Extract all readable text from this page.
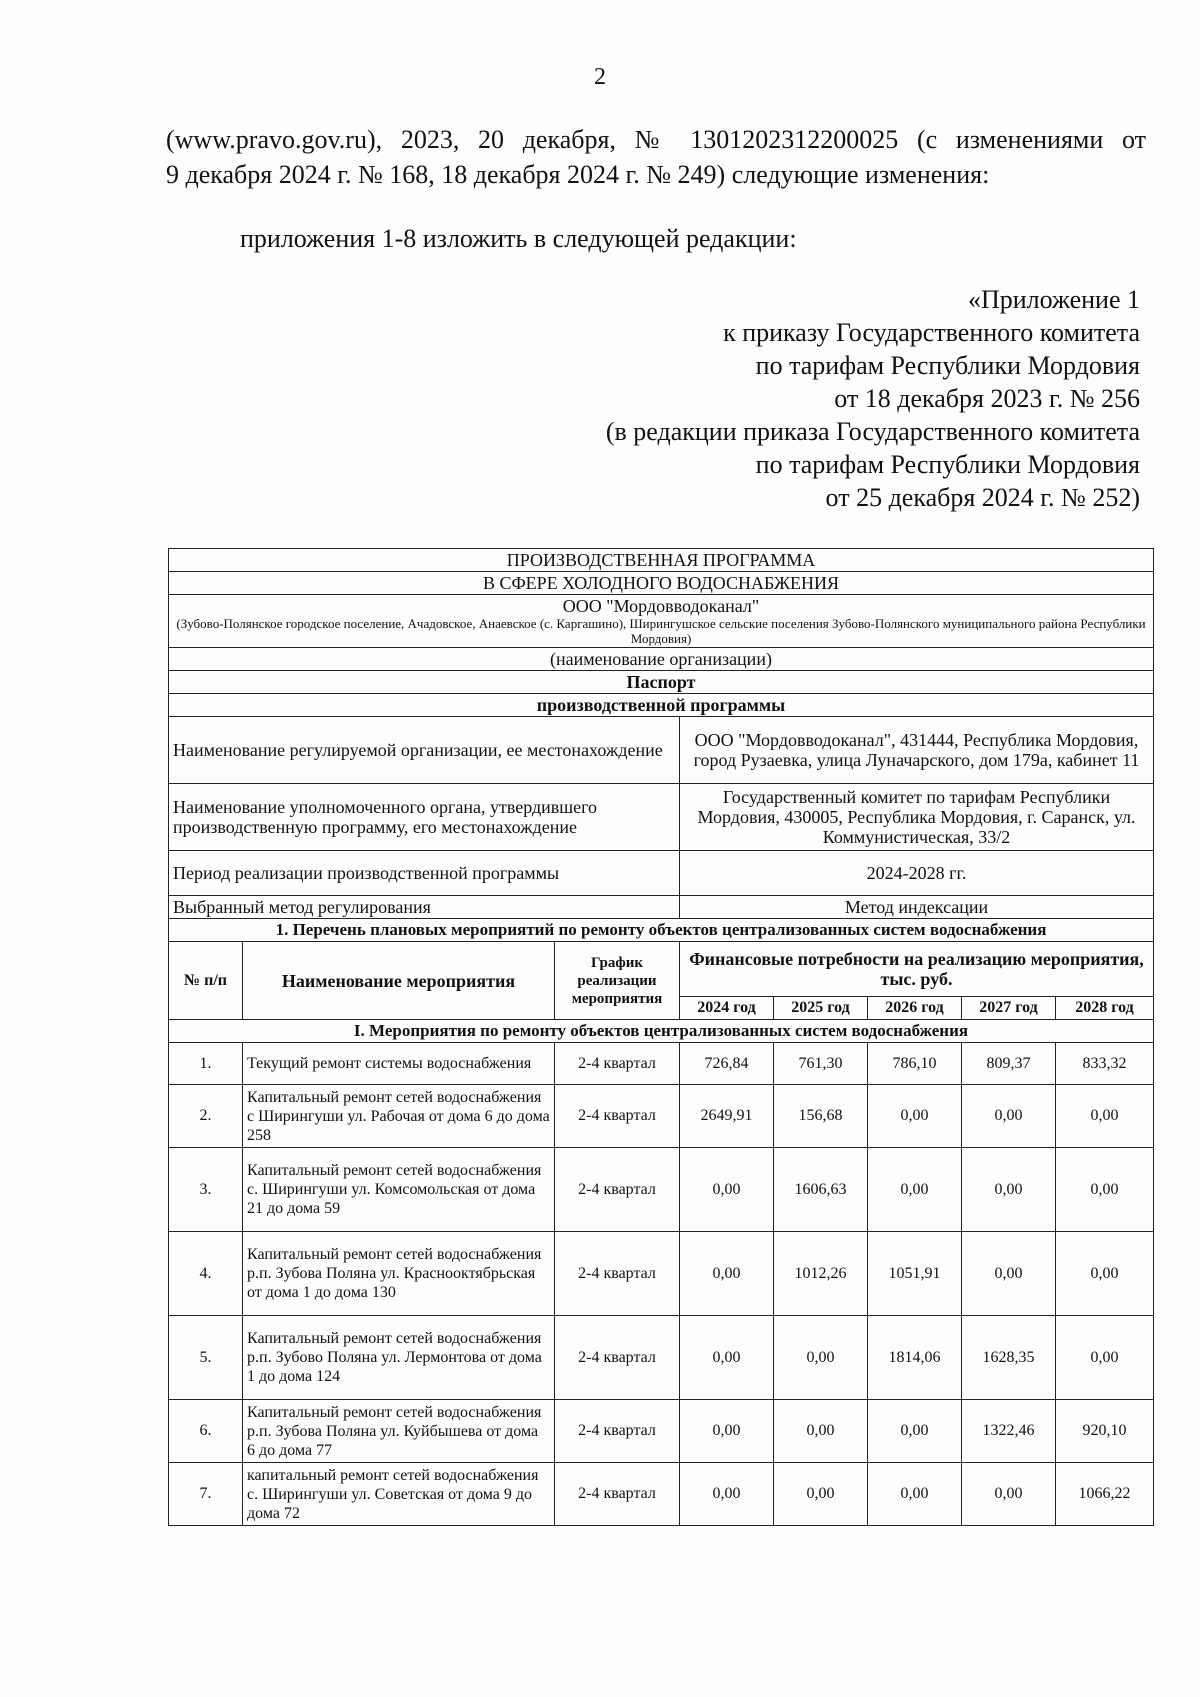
2
(www.pravo.gov.ru), 2023, 20 декабря, № 1301202312200025 (с изменениями от
9 декабря 2024 г. № 168, 18 декабря 2024 г. № 249) следующие изменения:
приложения 1-8 изложить в следующей редакции:
«Приложение 1
к приказу Государственного комитета
по тарифам Республики Мордовия
от 18 декабря 2023 г. № 256
(в редакции приказа Государственного комитета
по тарифам Республики Мордовия
от 25 декабря 2024 г. № 252)
ПРОИЗВОДСТВЕННАЯ ПРОГРАММА							
В СФЕРЕ ХОЛОДНОГО ВОДОСНАБЖЕНИЯ							

ООО "Мордовводоканал"
(Зубово-Полянское городское поселение, Ачадовское, Анаевское (с. Каргашино), Ширингушское сельские поселения Зубово-Полянского муниципального района Республики Мордовия)							

(наименование организации)							
Паспорт							
производственной программы							
Наименование регулируемой организации, ее местонахождение			ООО "Мордовводоканал", 431444, Республика Мордовия, город Рузаевка, улица Луначарского, дом 179а, кабинет 11				
Наименование уполномоченного органа, утвердившего производственную программу, его местонахождение			Государственный комитет по тарифам Республики Мордовия, 430005, Республика Мордовия, г. Саранск, ул. Коммунистическая, 33/2				
Период реализации производственной программы			2024-2028 гг.				
Выбранный метод регулирования			Метод индексации				
1. Перечень плановых мероприятий по ремонту объектов централизованных систем водоснабжения							
№ п/п	Наименование мероприятия	График реализации мероприятия	Финансовые потребности на реализацию мероприятия, тыс. руб.				
			2024 год	2025 год	2026 год	2027 год	2028 год
I. Мероприятия по ремонту объектов централизованных систем водоснабжения							
1.	Текущий ремонт системы водоснабжения	2-4 квартал	726,84	761,30	786,10	809,37	833,32
2.	Капитальный ремонт сетей водоснабжения с Ширингуши ул. Рабочая от дома 6 до дома 258	2-4 квартал	2649,91	156,68	0,00	0,00	0,00
3.	Капитальный ремонт сетей водоснабжения с. Ширингуши ул. Комсомольская от дома 21 до дома 59	2-4 квартал	0,00	1606,63	0,00	0,00	0,00
4.	Капитальный ремонт сетей водоснабжения р.п. Зубова Поляна ул. Краснооктябрьская от дома 1 до дома 130	2-4 квартал	0,00	1012,26	1051,91	0,00	0,00
5.	Капитальный ремонт сетей водоснабжения р.п. Зубово Поляна ул. Лермонтова от дома 1 до дома 124	2-4 квартал	0,00	0,00	1814,06	1628,35	0,00
6.	Капитальный ремонт сетей водоснабжения р.п. Зубова Поляна ул. Куйбышева от дома 6 до дома 77	2-4 квартал	0,00	0,00	0,00	1322,46	920,10
7.	капитальный ремонт сетей водоснабжения с. Ширингуши ул. Советская от дома 9 до дома 72	2-4 квартал	0,00	0,00	0,00	0,00	1066,22
